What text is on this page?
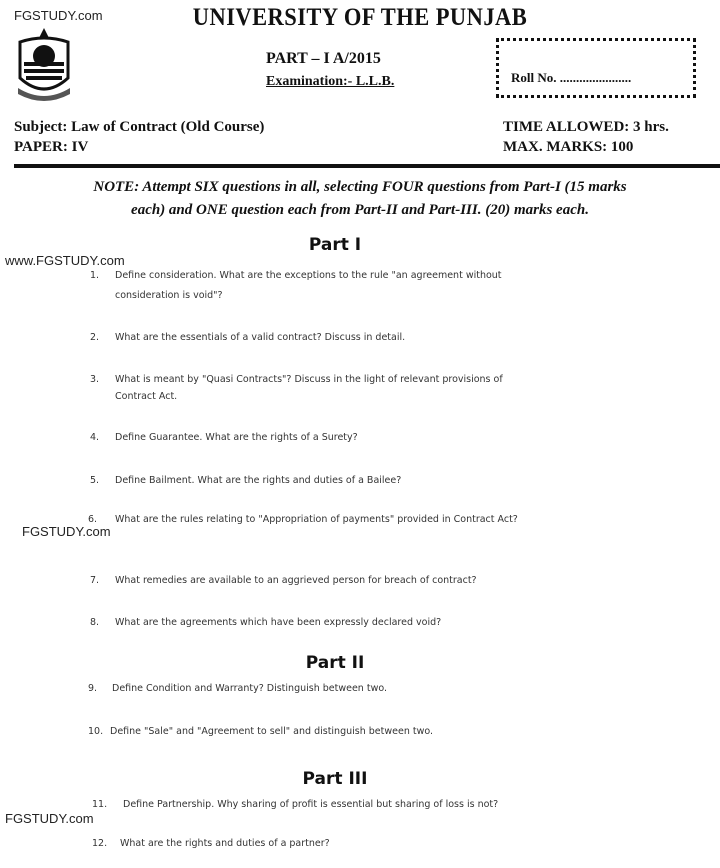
FGSTUDY.com	UNIVERSITY OF THE PUNJAB
PART – I A/2015
Examination:- L.L.B.	Roll No. ......................
Subject: Law of Contract (Old Course)
PAPER: IV
TIME ALLOWED: 3 hrs.
MAX. MARKS: 100
NOTE: Attempt SIX questions in all, selecting FOUR questions from Part-I (15 marks
each) and ONE question each from Part-II and Part-III. (20) marks each.
Part I
www.FGSTUDY.com
1. Define consideration. What are the exceptions to the rule "an agreement without
consideration is void"?
2. What are the essentials of a valid contract? Discuss in detail.
3. What is meant by "Quasi Contracts"? Discuss in the light of relevant provisions of
Contract Act.
4. Define Guarantee. What are the rights of a Surety?
5. Define Bailment. What are the rights and duties of a Bailee?
6. What are the rules relating to "Appropriation of payments" provided in Contract Act?
FGSTUDY.com
7. What remedies are available to an aggrieved person for breach of contract?
8. What are the agreements which have been expressly declared void?
Part II
9. Define Condition and Warranty? Distinguish between two.
10. Define "Sale" and "Agreement to sell" and distinguish between two.
Part III
11. Define Partnership. Why sharing of profit is essential but sharing of loss is not?
FGSTUDY.com
12. What are the rights and duties of a partner?
